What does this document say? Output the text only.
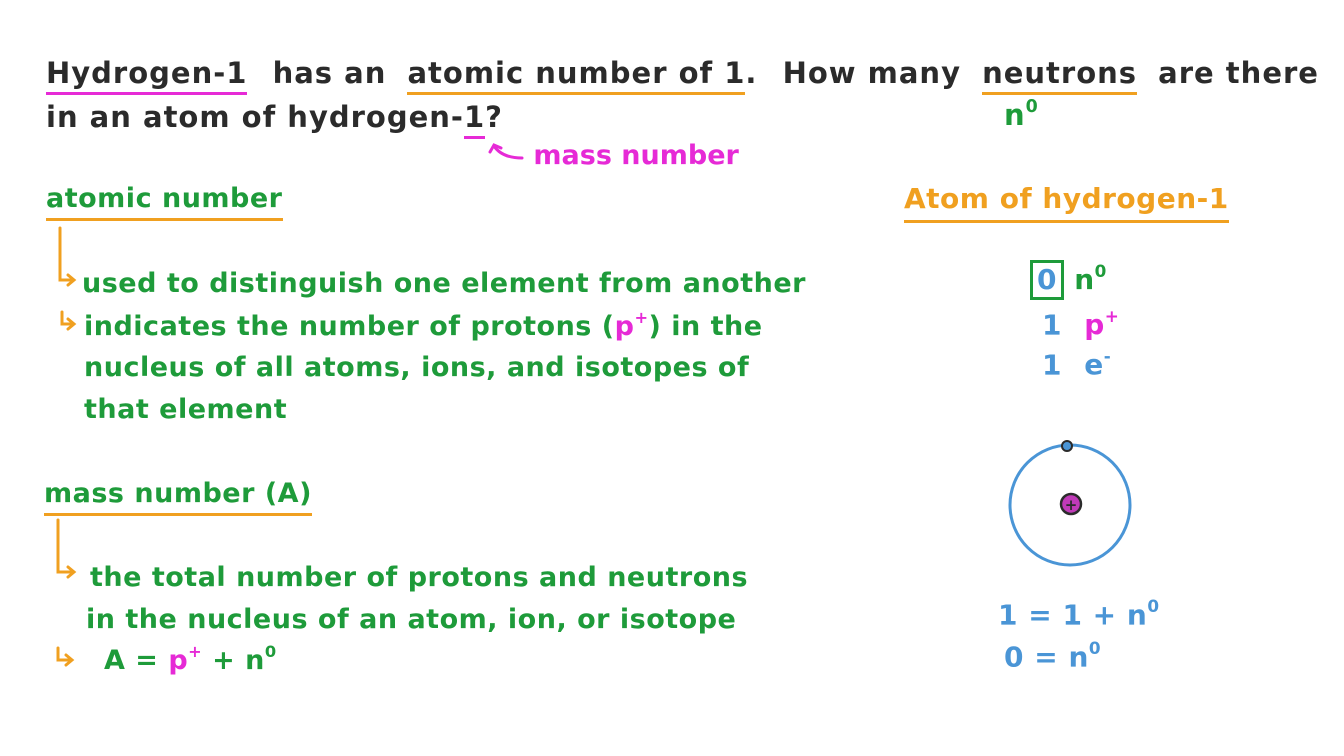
Hydrogen-1 has an atomic number of 1. How many neutrons are there
in an atom of hydrogen-1?	$n^0$
mass number
atomic number
used to distinguish one element from another
indicates the number of protons (p+) in the
nucleus of all atoms, ions, and isotopes of
that element
mass number (A)
the total number of protons and neutrons
in the nucleus of an atom, ion, or isotope
$A = p^+ + n^0$
Atom of hydrogen-1
0 $n^0$
1 p+
1 e-
$1 = 1 + n^0$
$0 = n^0$
+
